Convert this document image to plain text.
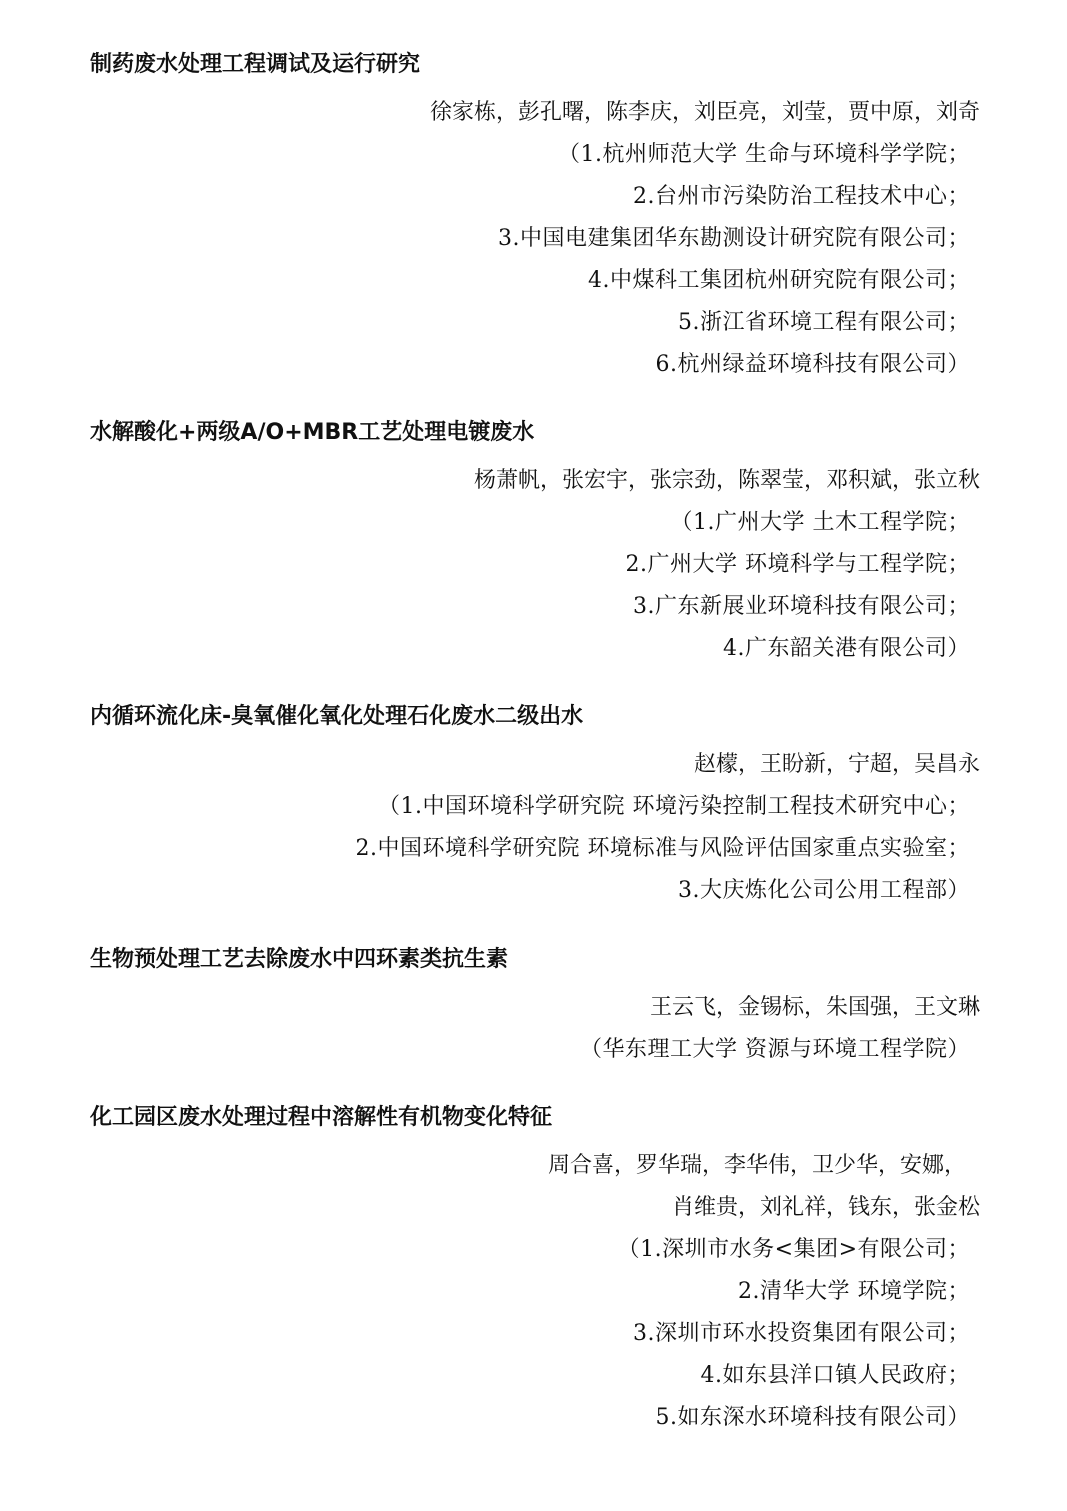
制药废水处理工程调试及运行研究
徐家栋，彭孔曙，陈李庆，刘臣亮，刘莹，贾中原，刘奇
（1.杭州师范大学 生命与环境科学学院；
2.台州市污染防治工程技术中心；
3.中国电建集团华东勘测设计研究院有限公司；
4.中煤科工集团杭州研究院有限公司；
5.浙江省环境工程有限公司；
6.杭州绿益环境科技有限公司）
水解酸化+两级A/O+MBR工艺处理电镀废水
杨萧帆，张宏宇，张宗劲，陈翠莹，邓积斌，张立秋
（1.广州大学 土木工程学院；
2.广州大学 环境科学与工程学院；
3.广东新展业环境科技有限公司；
4.广东韶关港有限公司）
内循环流化床-臭氧催化氧化处理石化废水二级出水
赵檬，王盼新，宁超，吴昌永
（1.中国环境科学研究院 环境污染控制工程技术研究中心；
2.中国环境科学研究院 环境标准与风险评估国家重点实验室；
3.大庆炼化公司公用工程部）
生物预处理工艺去除废水中四环素类抗生素
王云飞，金锡标，朱国强，王文琳
（华东理工大学 资源与环境工程学院）
化工园区废水处理过程中溶解性有机物变化特征
周合喜，罗华瑞，李华伟，卫少华，安娜，
肖维贵，刘礼祥，钱东，张金松
（1.深圳市水务<集团>有限公司；
2.清华大学 环境学院；
3.深圳市环水投资集团有限公司；
4.如东县洋口镇人民政府；
5.如东深水环境科技有限公司）
